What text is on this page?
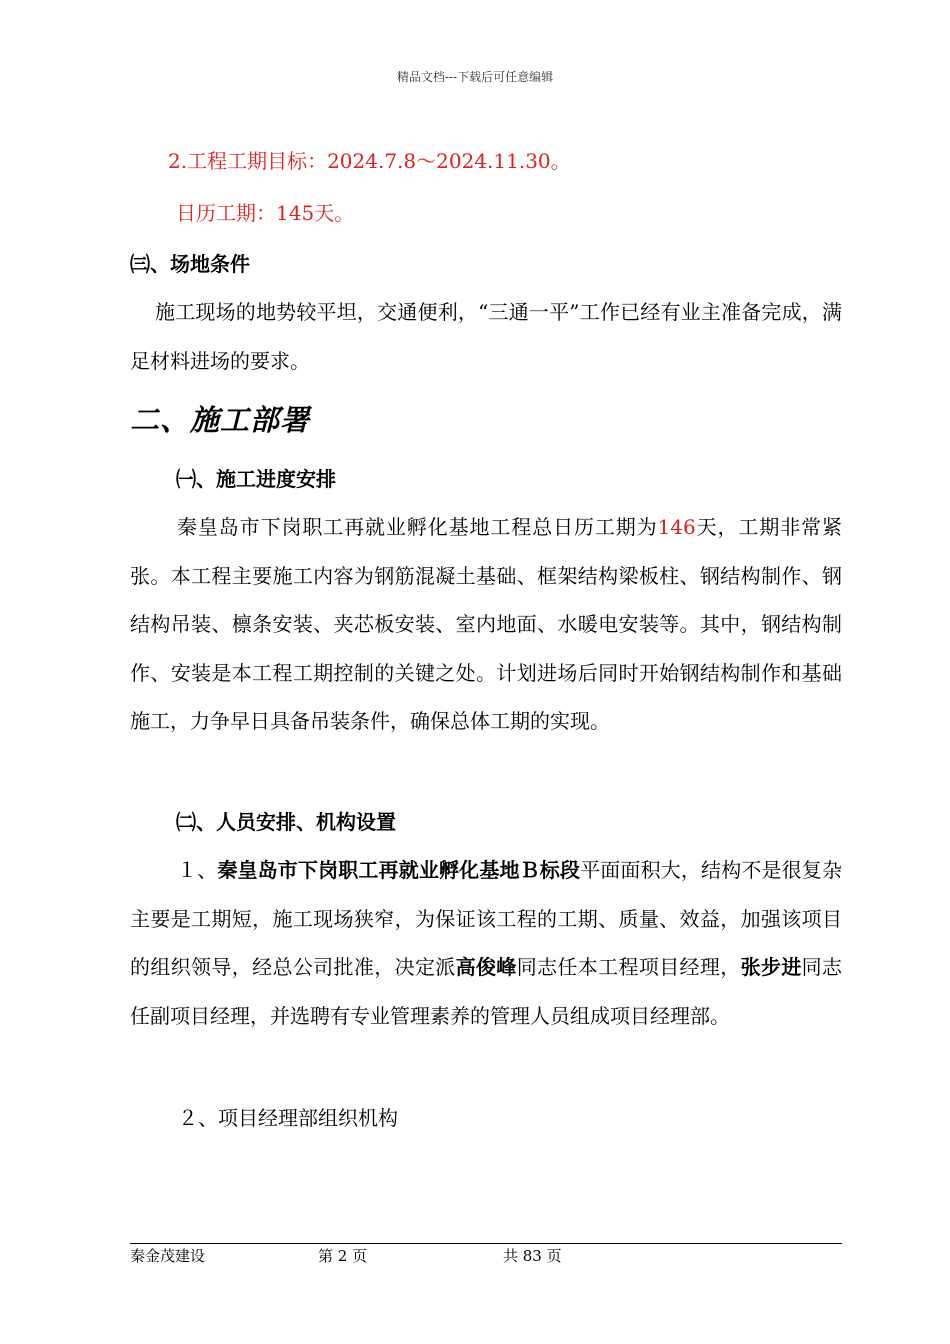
精品文档---下载后可任意编辑
2.工程工期目标：2024.7.8～2024.11.30。
日历工期：145天。
㈢、场地条件

施工现场的地势较平坦，交通便利，“三通一平”工作已经有业主准备完成，满足材料进场的要求。

二、施工部署
㈠、施工进度安排

秦皇岛市下岗职工再就业孵化基地工程总日历工期为146天，工期非常紧张。本工程主要施工内容为钢筋混凝土基础、框架结构梁板柱、钢结构制作、钢结构吊装、檩条安装、夹芯板安装、室内地面、水暖电安装等。其中，钢结构制作、安装是本工程工期控制的关键之处。计划进场后同时开始钢结构制作和基础施工，力争早日具备吊装条件，确保总体工期的实现。

㈡、人员安排、机构设置

１、秦皇岛市下岗职工再就业孵化基地Ｂ标段平面面积大，结构不是很复杂主要是工期短，施工现场狭窄，为保证该工程的工期、质量、效益，加强该项目的组织领导，经总公司批准，决定派高俊峰同志任本工程项目经理，张步进同志任副项目经理，并选聘有专业管理素养的管理人员组成项目经理部。

２、项目经理部组织机构
秦金茂建设	第 2 页	共 83 页
